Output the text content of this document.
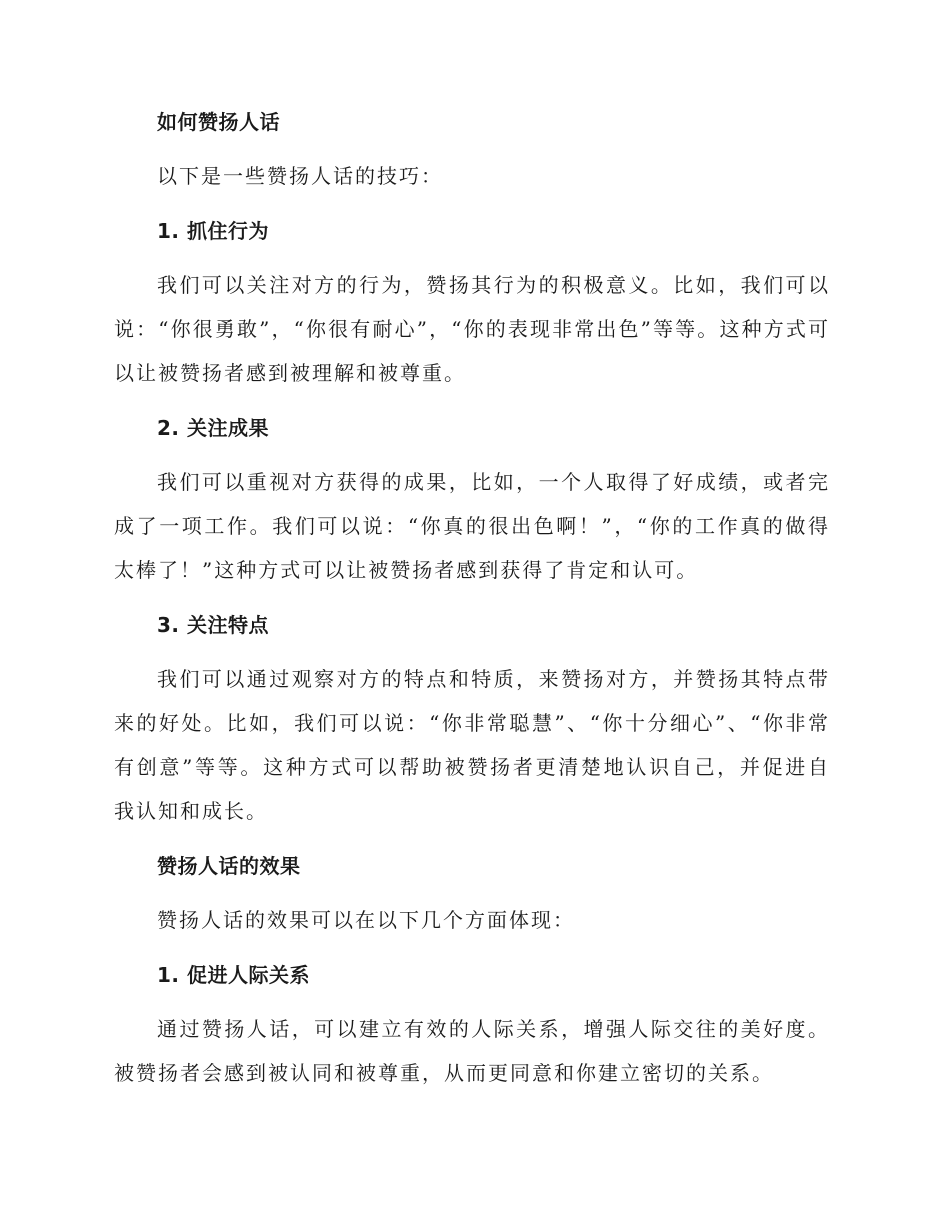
如何赞扬人话

以下是一些赞扬人话的技巧：

1. 抓住行为

我们可以关注对方的行为，赞扬其行为的积极意义。比如，我们可以说：“你很勇敢”，“你很有耐心”，“你的表现非常出色”等等。这种方式可以让被赞扬者感到被理解和被尊重。

2. 关注成果

我们可以重视对方获得的成果，比如，一个人取得了好成绩，或者完成了一项工作。我们可以说：“你真的很出色啊！”，“你的工作真的做得太棒了！”这种方式可以让被赞扬者感到获得了肯定和认可。

3. 关注特点

我们可以通过观察对方的特点和特质，来赞扬对方，并赞扬其特点带来的好处。比如，我们可以说：“你非常聪慧”、“你十分细心”、“你非常有创意”等等。这种方式可以帮助被赞扬者更清楚地认识自己，并促进自我认知和成长。

赞扬人话的效果

赞扬人话的效果可以在以下几个方面体现：

1. 促进人际关系

通过赞扬人话，可以建立有效的人际关系，增强人际交往的美好度。被赞扬者会感到被认同和被尊重，从而更同意和你建立密切的关系。
